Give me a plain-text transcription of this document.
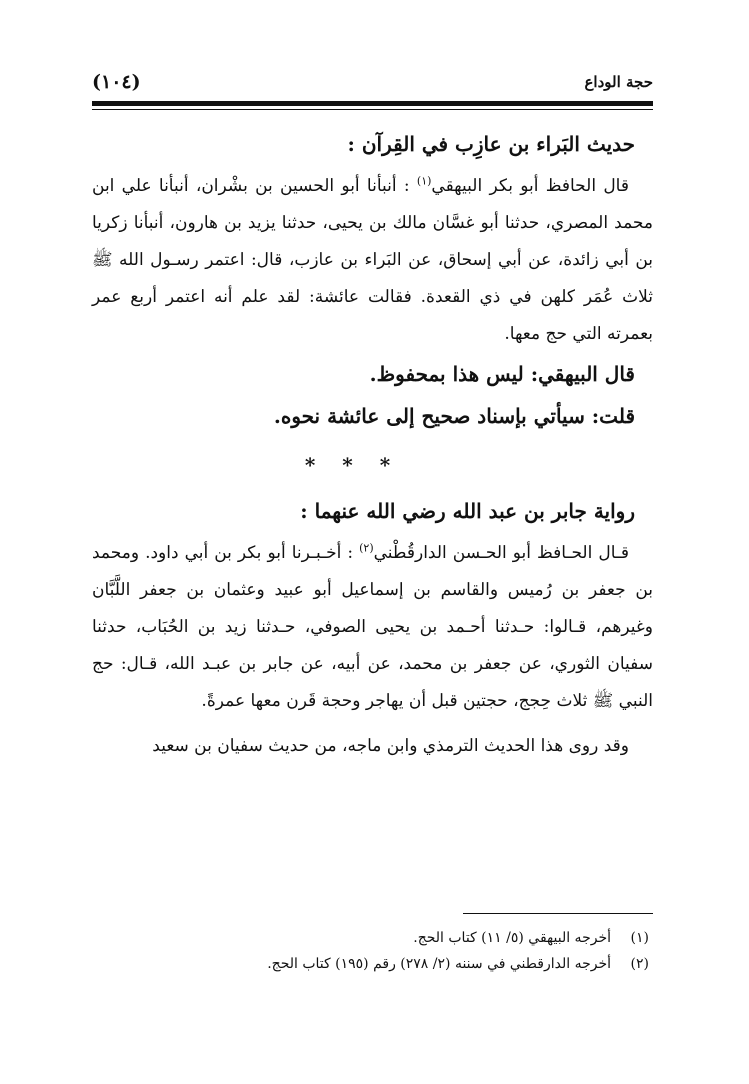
حجة الوداع
(١٠٤)
حديث البَراء بن عازِب في القِرآن :

قال الحافظ أبو بكر البيهقي$^{(١)}$ : أنبأنا أبو الحسين بن بشْران، أنبأنا علي ابن محمد المصري، حدثنا أبو غسَّان مالك بن يحيى، حدثنا يزيد بن هارون، أنبأنا زكريا بن أبي زائدة، عن أبي إسحاق، عن البَراء بن عازب، قال: اعتمر رسـول الله ﷺ ثلاث عُمَر كلهن في ذي القعدة. فقالت عائشة: لقد علم أنه اعتمر أربع عمر بعمرته التي حج معها.

قال البيهقي: ليس هذا بمحفوظ.

قلت: سيأتي بإسناد صحيح إلى عائشة نحوه.

* * *
رواية جابر بن عبد الله رضي الله عنهما :

قـال الحـافظ أبو الحـسن الدارقُطْني$^{(٢)}$ : أخـبـرنا أبو بكر بن أبي داود. ومحمد بن جعفر بن رُميس والقاسم بن إسماعيل أبو عبيد وعثمان بن جعفر اللَّبَّان وغيرهم، قـالوا: حـدثنا أحـمد بن يحيى الصوفي، حـدثنا زيد بن الحُبَاب، حدثنا سفيان الثوري، عن جعفر بن محمد، عن أبيه، عن جابر بن عبـد الله، قـال: حج النبي ﷺ ثلاث حِجج، حجتين قبل أن يهاجر وحجة قَرن معها عمرةً.

وقد روى هذا الحديث الترمذي وابن ماجه، من حديث سفيان بن سعيد

(١)
أخرجه البيهقي (٥/ ١١) كتاب الحج.

(٢)
أخرجه الدارقطني في سننه (٢/ ٢٧٨) رقم (١٩٥) كتاب الحج.
